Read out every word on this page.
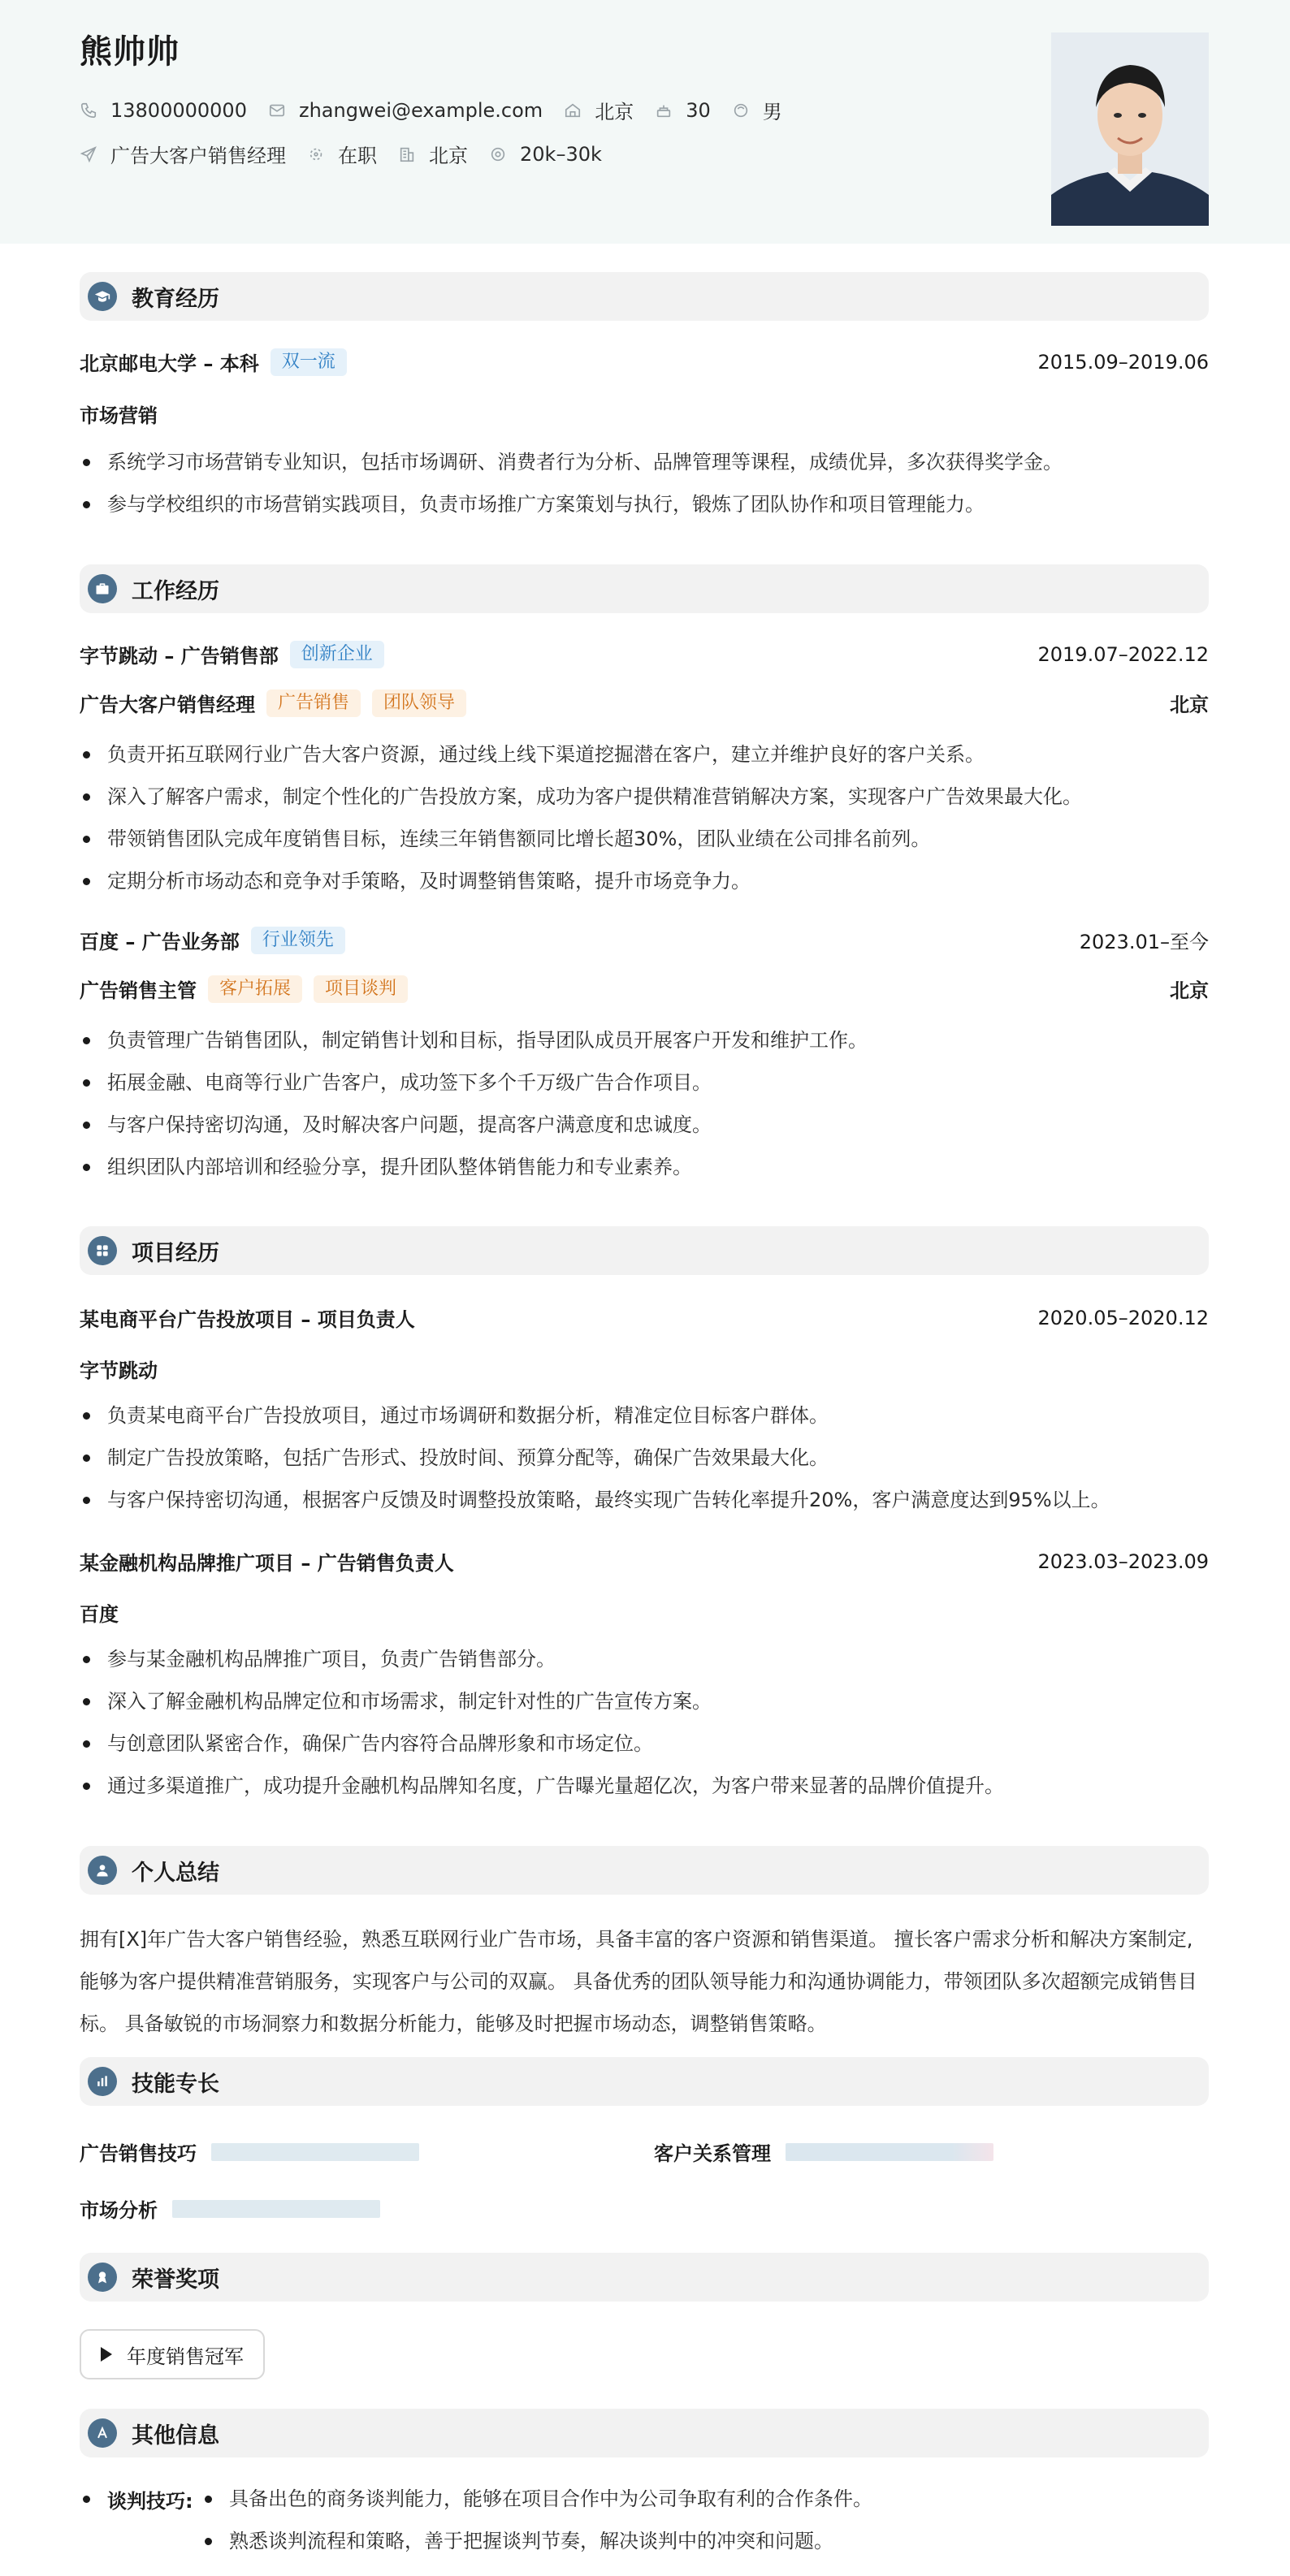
熊帅帅
13800000000	zhangwei@example.com	北京	30	男
广告大客户销售经理	在职	北京	20k–30k
教育经历
北京邮电大学 – 本科	双一流	2015.09–2019.06
市场营销
系统学习市场营销专业知识，包括市场调研、消费者行为分析、品牌管理等课程，成绩优异，多次获得奖学金。
参与学校组织的市场营销实践项目，负责市场推广方案策划与执行，锻炼了团队协作和项目管理能力。
工作经历
字节跳动 – 广告销售部	创新企业	2019.07–2022.12
广告大客户销售经理	广告销售	团队领导	北京
负责开拓互联网行业广告大客户资源，通过线上线下渠道挖掘潜在客户，建立并维护良好的客户关系。
深入了解客户需求，制定个性化的广告投放方案，成功为客户提供精准营销解决方案，实现客户广告效果最大化。
带领销售团队完成年度销售目标，连续三年销售额同比增长超30%，团队业绩在公司排名前列。
定期分析市场动态和竞争对手策略，及时调整销售策略，提升市场竞争力。
百度 – 广告业务部	行业领先	2023.01–至今
广告销售主管	客户拓展	项目谈判	北京
负责管理广告销售团队，制定销售计划和目标，指导团队成员开展客户开发和维护工作。
拓展金融、电商等行业广告客户，成功签下多个千万级广告合作项目。
与客户保持密切沟通，及时解决客户问题，提高客户满意度和忠诚度。
组织团队内部培训和经验分享，提升团队整体销售能力和专业素养。
项目经历
某电商平台广告投放项目 – 项目负责人	2020.05–2020.12
字节跳动
负责某电商平台广告投放项目，通过市场调研和数据分析，精准定位目标客户群体。
制定广告投放策略，包括广告形式、投放时间、预算分配等，确保广告效果最大化。
与客户保持密切沟通，根据客户反馈及时调整投放策略，最终实现广告转化率提升20%，客户满意度达到95%以上。
某金融机构品牌推广项目 – 广告销售负责人	2023.03–2023.09
百度
参与某金融机构品牌推广项目，负责广告销售部分。
深入了解金融机构品牌定位和市场需求，制定针对性的广告宣传方案。
与创意团队紧密合作，确保广告内容符合品牌形象和市场定位。
通过多渠道推广，成功提升金融机构品牌知名度，广告曝光量超亿次，为客户带来显著的品牌价值提升。
个人总结
拥有[X]年广告大客户销售经验，熟悉互联网行业广告市场，具备丰富的客户资源和销售渠道。 擅长客户需求分析和解决方案制定,
能够为客户提供精准营销服务，实现客户与公司的双赢。 具备优秀的团队领导能力和沟通协调能力，带领团队多次超额完成销售目
标。 具备敏锐的市场洞察力和数据分析能力，能够及时把握市场动态，调整销售策略。
技能专长
广告销售技巧	客户关系管理
市场分析
荣誉奖项
年度销售冠军
其他信息
谈判技巧:	具备出色的商务谈判能力，能够在项目合作中为公司争取有利的合作条件。
熟悉谈判流程和策略，善于把握谈判节奏，解决谈判中的冲突和问题。
